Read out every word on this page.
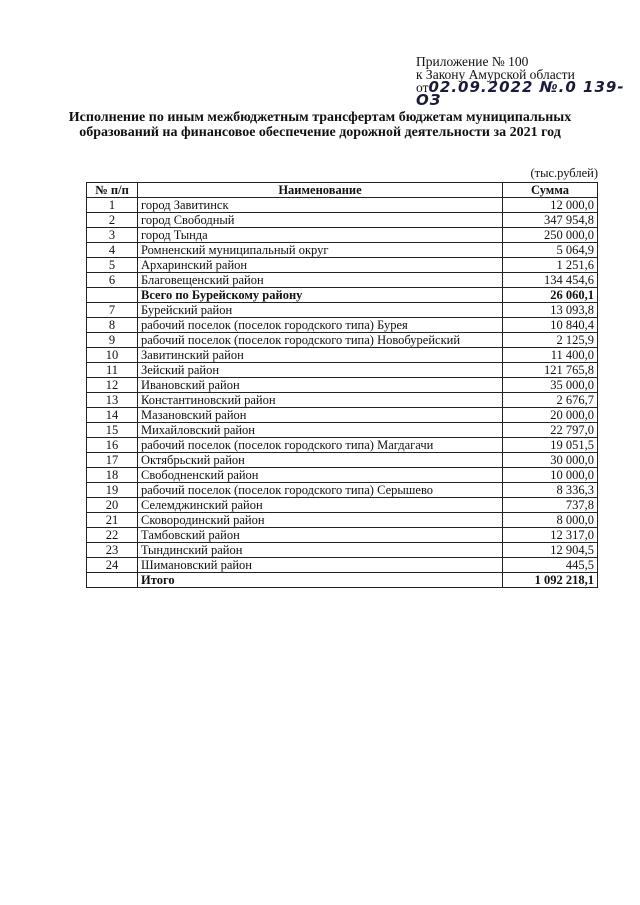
Приложение № 100
к Закону Амурской области
от02.09.2022 №.0 139-ОЗ
Исполнение по иным межбюджетным трансфертам бюджетам муниципальных образований на финансовое обеспечение дорожной деятельности за 2021 год
(тыс.рублей)
№ п/п	Наименование	Сумма
1	город Завитинск	12 000,0
2	город Свободный	347 954,8
3	город Тында	250 000,0
4	Ромненский муниципальный округ	5 064,9
5	Архаринский район	1 251,6
6	Благовещенский район	134 454,6
	Всего по Бурейскому району	26 060,1
7	Бурейский район	13 093,8
8	рабочий поселок (поселок городского типа) Бурея	10 840,4
9	рабочий поселок (поселок городского типа) Новобурейский	2 125,9
10	Завитинский район	11 400,0
11	Зейский район	121 765,8
12	Ивановский район	35 000,0
13	Константиновский район	2 676,7
14	Мазановский район	20 000,0
15	Михайловский район	22 797,0
16	рабочий поселок (поселок городского типа) Магдагачи	19 051,5
17	Октябрьский район	30 000,0
18	Свободненский район	10 000,0
19	рабочий поселок (поселок городского типа) Серышево	8 336,3
20	Селемджинский район	737,8
21	Сковородинский район	8 000,0
22	Тамбовский район	12 317,0
23	Тындинский район	12 904,5
24	Шимановский район	445,5
	Итого	1 092 218,1
